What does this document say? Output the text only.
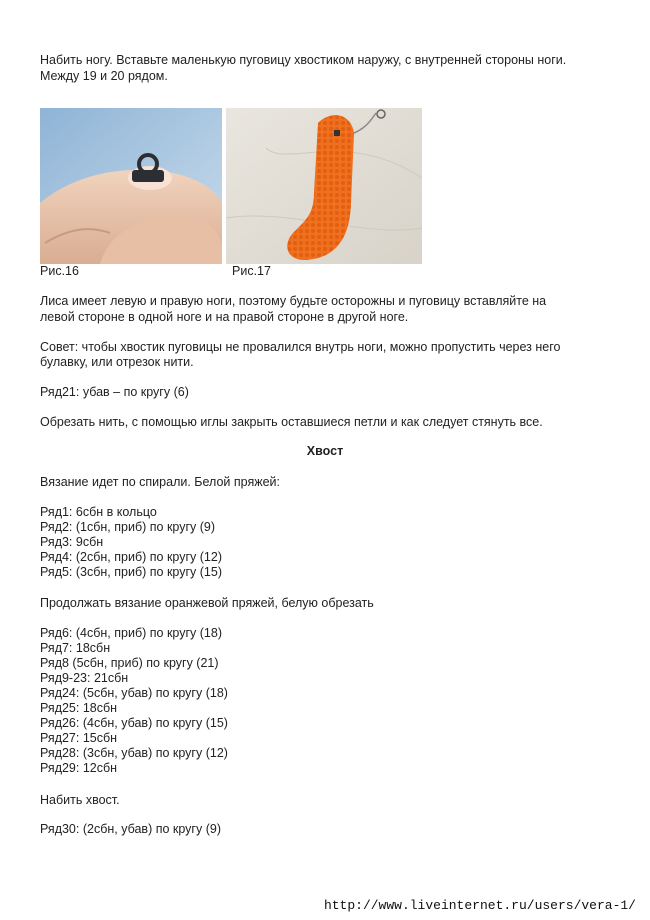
Набить ногу. Вставьте маленькую пуговицу хвостиком наружу, с внутренней стороны ноги.

Между 19 и 20 рядом.

Рис.16	Рис.17

Лиса имеет левую и правую ноги, поэтому будьте осторожны и пуговицу вставляйте на

левой стороне в одной ноге и на правой стороне в другой ноге.

Совет: чтобы хвостик пуговицы не провалился внутрь ноги, можно пропустить через него

булавку, или отрезок нити.

Ряд21: убав – по кругу (6)

Обрезать нить, с помощью иглы закрыть оставшиеся петли и как следует стянуть все.

Хвост

Вязание идет по спирали. Белой пряжей:

Ряд1: 6сбн в кольцо
Ряд2: (1сбн, приб) по кругу (9)
Ряд3: 9сбн
Ряд4: (2сбн, приб) по кругу (12)
Ряд5: (3сбн, приб) по кругу (15)

Продолжать вязание оранжевой пряжей, белую обрезать

Ряд6: (4сбн, приб) по кругу (18)
Ряд7: 18сбн
Ряд8 (5сбн, приб) по кругу (21)
Ряд9-23: 21сбн
Ряд24: (5сбн, убав) по кругу (18)
Ряд25: 18сбн
Ряд26: (4сбн, убав) по кругу (15)
Ряд27: 15сбн
Ряд28: (3сбн, убав) по кругу (12)
Ряд29: 12сбн

Набить хвост.

Ряд30: (2сбн, убав) по кругу (9)

http://www.liveinternet.ru/users/vera-1/
